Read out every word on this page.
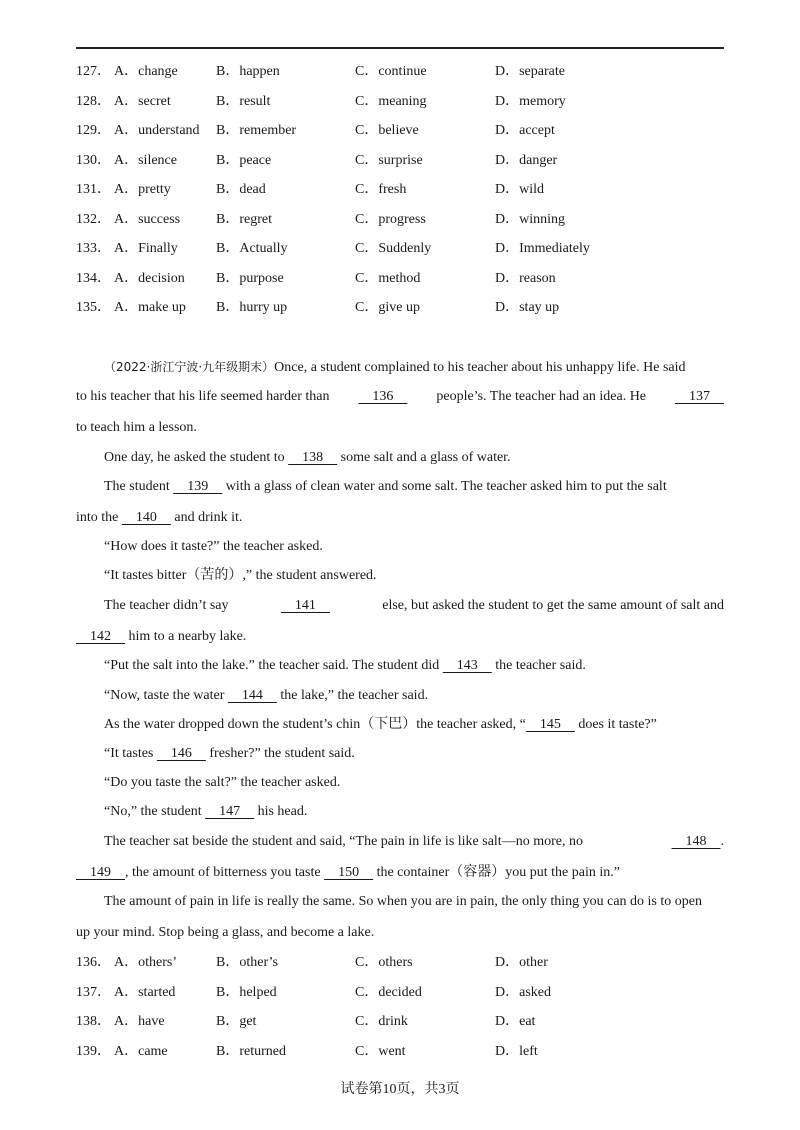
127． A．change	B．happen	C．continue	D．separate
128． A．secret	B．result	C．meaning	D．memory
129． A．understand B．remember	C．believe	D．accept
130． A．silence	B．peace	C．surprise	D．danger
131． A．pretty	B．dead	C．fresh	D．wild
132． A．success	B．regret	C．progress	D．winning
133． A．Finally	B．Actually	C．Suddenly	D．Immediately
134． A．decision B．purpose	C．method	D．reason
135． A．make up B．hurry up	C．give up	D．stay up
（2022·浙江宁波·九年级期末）Once, a student complained to his teacher about his unhappy life. He said
to his teacher that his life seemed harder than 136 people’s. The teacher had an idea. He 137
to teach him a lesson.
One day, he asked the student to     138     some salt and a glass of water.
The student     139     with a glass of clean water and some salt. The teacher asked him to put the salt
into the     140     and drink it.
“How does it taste?” the teacher asked.
“It tastes bitter（苦的）,” the student answered.
The teacher didn’t say	141	else, but asked the student to get the same amount of salt and
142     him to a nearby lake.
“Put the salt into the lake.” the teacher said. The student did     143     the teacher said.
“Now, taste the water     144     the lake,” the teacher said.
As the water dropped down the student’s chin（下巴）the teacher asked, “    145     does it taste?”
“It tastes     146     fresher?” the student said.
“Do you taste the salt?” the teacher asked.
“No,” the student     147     his head.
The teacher sat beside the student and said, “The pain in life is like salt—no more, no	148    .
149    , the amount of bitterness you taste     150     the container（容器）you put the pain in.”
The amount of pain in life is really the same. So when you are in pain, the only thing you can do is to open
up your mind. Stop being a glass, and become a lake.
136． A．others’	B．other’s	C．others	D．other
137． A．started	B．helped	C．decided	D．asked
138． A．have	B．get	C．drink	D．eat
139． A．came	B．returned	C．went	D．left
试卷第10页，共3页
